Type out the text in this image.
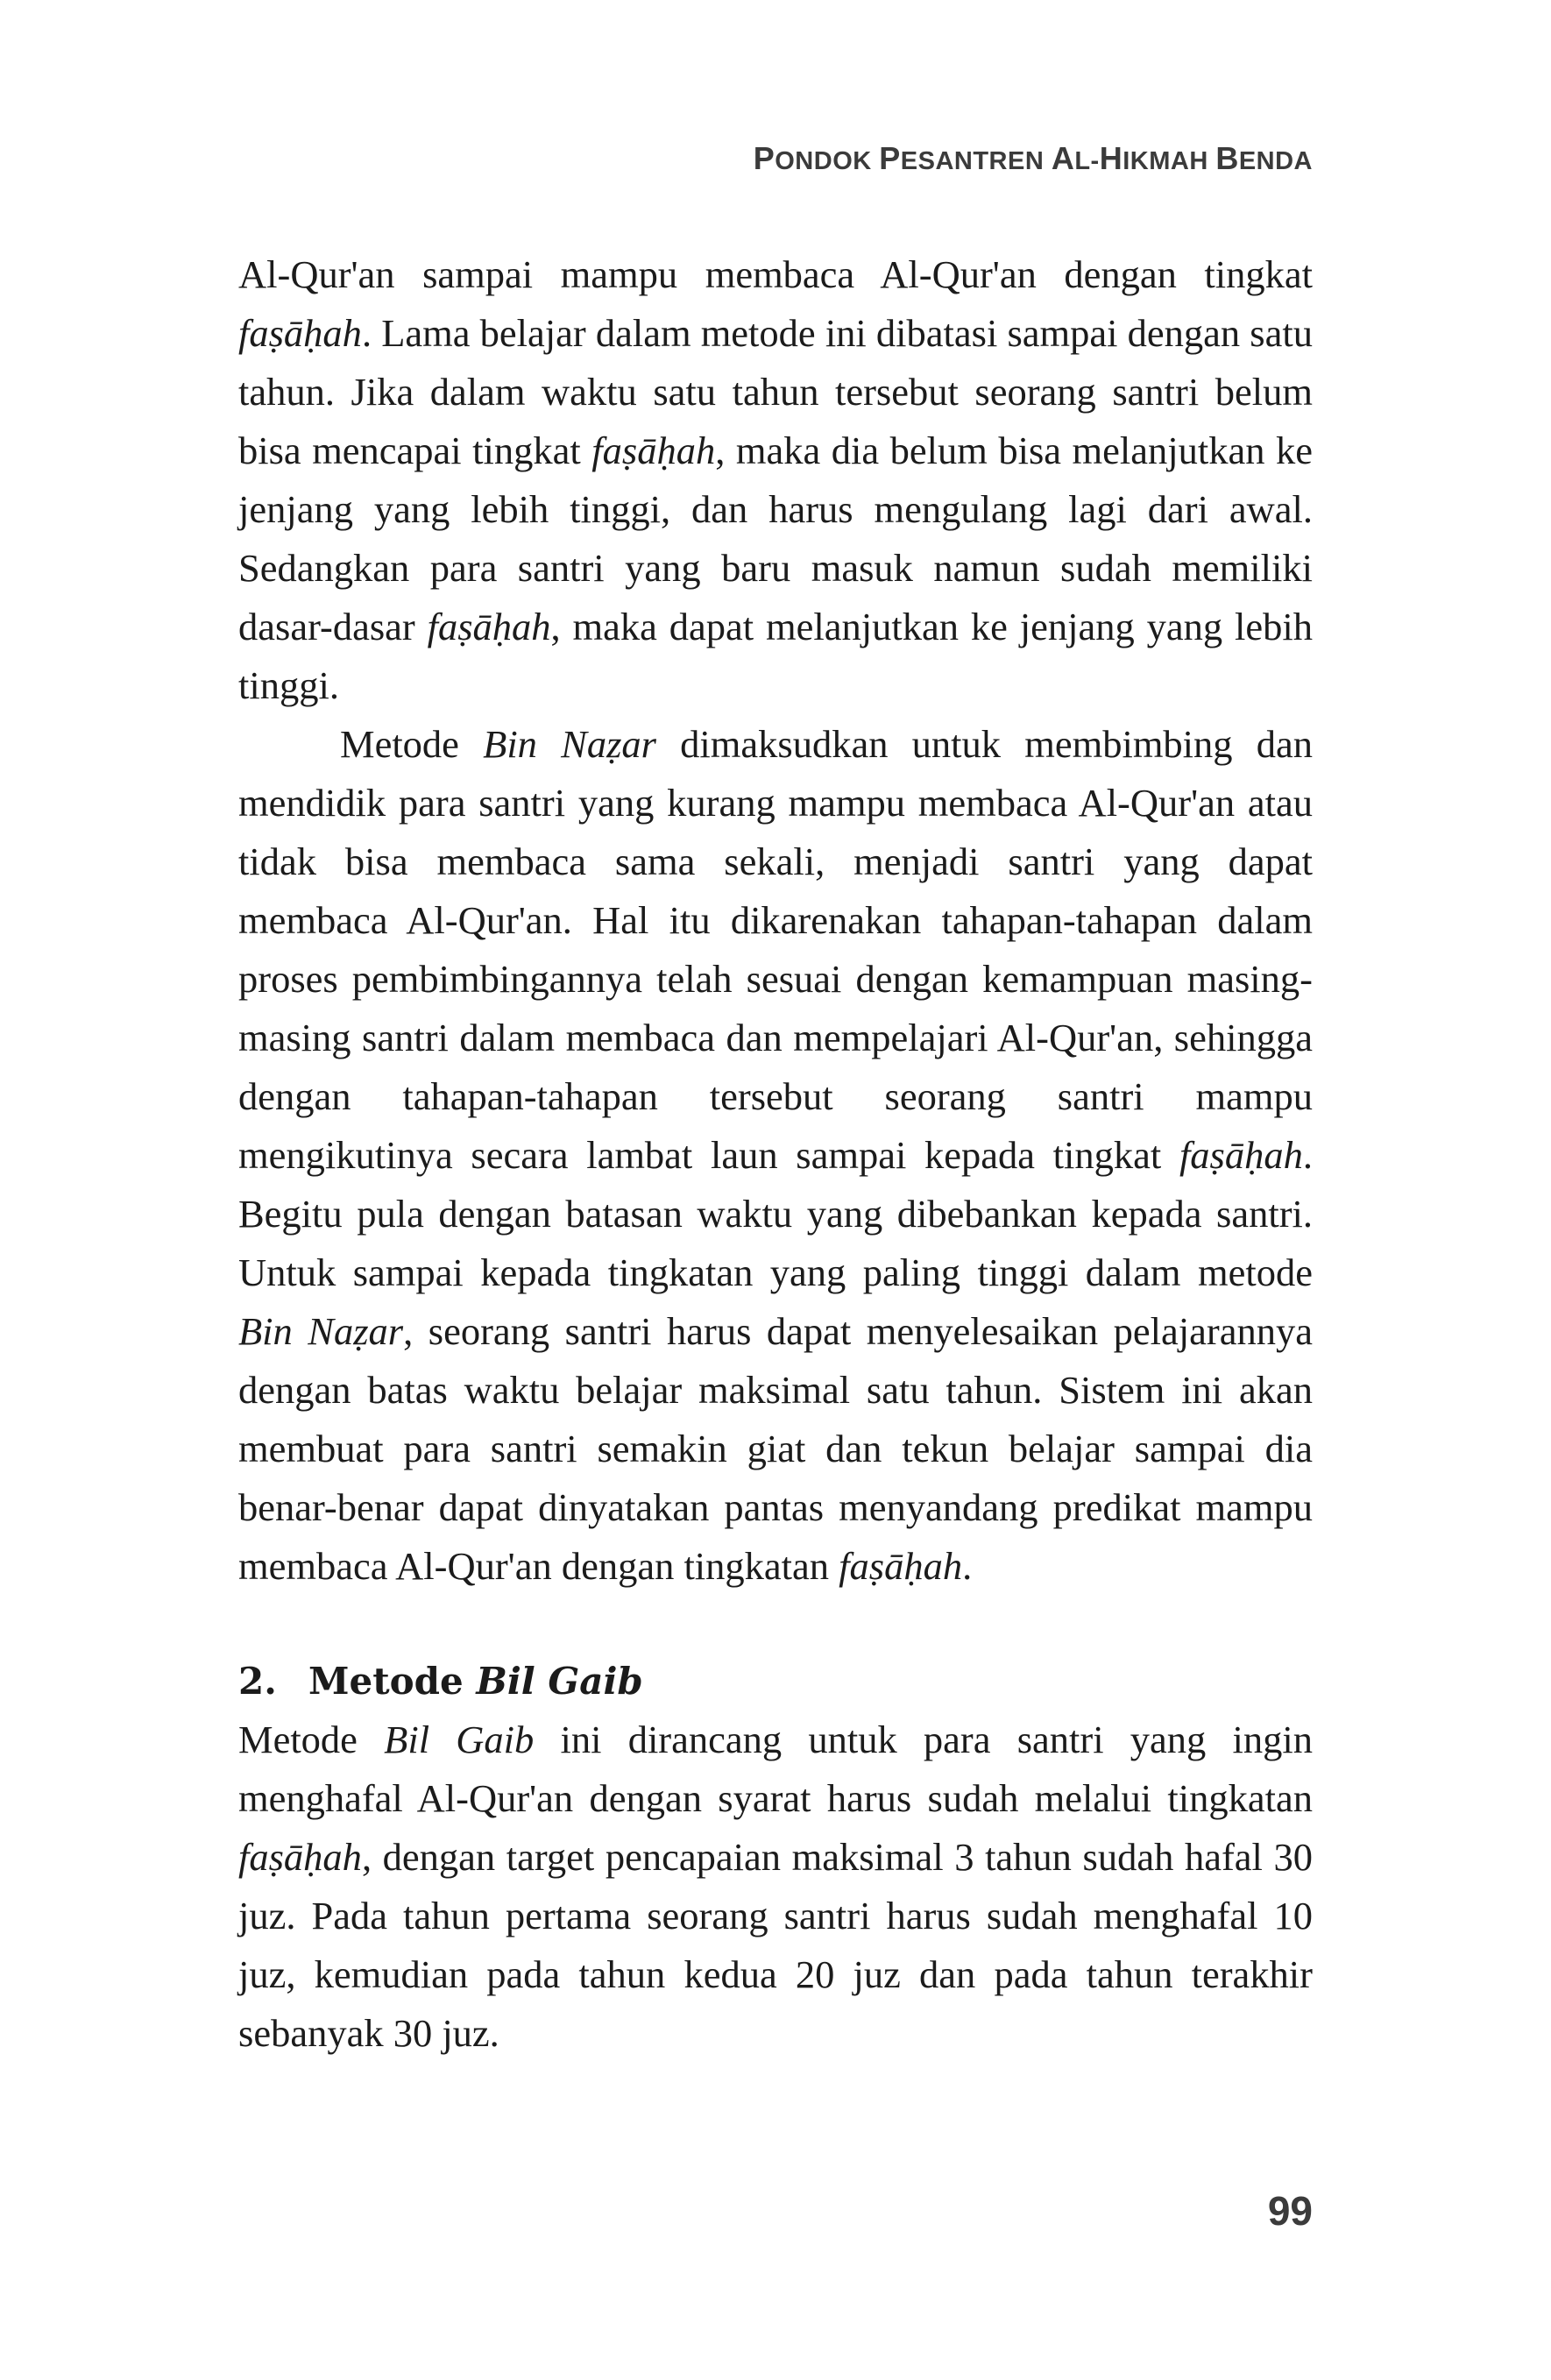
PONDOK PESANTREN AL-HIKMAH BENDA

Al-Qur'an sampai mampu membaca Al-Qur'an dengan tingkat faṣāḥah. Lama belajar dalam metode ini dibatasi sampai dengan satu tahun. Jika dalam waktu satu tahun tersebut seorang santri belum bisa mencapai tingkat faṣāḥah, maka dia belum bisa melanjutkan ke jenjang yang lebih tinggi, dan harus mengulang lagi dari awal. Sedangkan para santri yang baru masuk namun sudah memiliki dasar-dasar faṣāḥah, maka dapat melanjutkan ke jenjang yang lebih tinggi.

Metode Bin Naẓar dimaksudkan untuk membimbing dan mendidik para santri yang kurang mampu membaca Al-Qur'an atau tidak bisa membaca sama sekali, menjadi santri yang dapat membaca Al-Qur'an. Hal itu dikarenakan tahapan-tahapan dalam proses pembimbingannya telah sesuai dengan kemampuan masing-masing santri dalam membaca dan mempelajari Al-Qur'an, sehingga dengan tahapan-tahapan tersebut seorang santri mampu mengikutinya secara lambat laun sampai kepada tingkat faṣāḥah. Begitu pula dengan batasan waktu yang dibebankan kepada santri. Untuk sampai kepada tingkatan yang paling tinggi dalam metode Bin Naẓar, seorang santri harus dapat menyelesaikan pelajarannya dengan batas waktu belajar maksimal satu tahun. Sistem ini akan membuat para santri semakin giat dan tekun belajar sampai dia benar-benar dapat dinyatakan pantas menyandang predikat mampu membaca Al-Qur'an dengan tingkatan faṣāḥah.

2. Metode Bil Gaib

Metode Bil Gaib ini dirancang untuk para santri yang ingin menghafal Al-Qur'an dengan syarat harus sudah melalui tingkatan faṣāḥah, dengan target pencapaian maksimal 3 tahun sudah hafal 30 juz. Pada tahun pertama seorang santri harus sudah menghafal 10 juz, kemudian pada tahun kedua 20 juz dan pada tahun terakhir sebanyak 30 juz.

99
